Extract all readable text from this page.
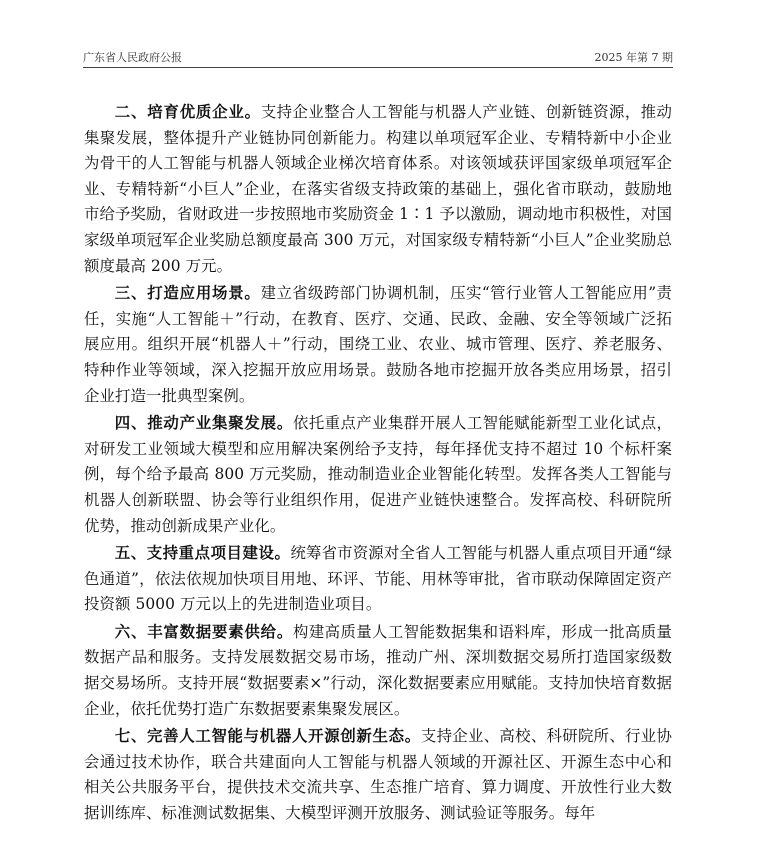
广东省人民政府公报	2025 年第 7 期

二、培育优质企业。支持企业整合人工智能与机器人产业链、创新链资源，推动集聚发展，整体提升产业链协同创新能力。构建以单项冠军企业、专精特新中小企业为骨干的人工智能与机器人领域企业梯次培育体系。对该领域获评国家级单项冠军企业、专精特新“小巨人”企业，在落实省级支持政策的基础上，强化省市联动，鼓励地市给予奖励，省财政进一步按照地市奖励资金 1∶1 予以激励，调动地市积极性，对国家级单项冠军企业奖励总额度最高 300 万元，对国家级专精特新“小巨人”企业奖励总额度最高 200 万元。

三、打造应用场景。建立省级跨部门协调机制，压实“管行业管人工智能应用”责任，实施“人工智能＋”行动，在教育、医疗、交通、民政、金融、安全等领域广泛拓展应用。组织开展“机器人＋”行动，围绕工业、农业、城市管理、医疗、养老服务、特种作业等领域，深入挖掘开放应用场景。鼓励各地市挖掘开放各类应用场景，招引企业打造一批典型案例。

四、推动产业集聚发展。依托重点产业集群开展人工智能赋能新型工业化试点，对研发工业领域大模型和应用解决案例给予支持，每年择优支持不超过 10 个标杆案例，每个给予最高 800 万元奖励，推动制造业企业智能化转型。发挥各类人工智能与机器人创新联盟、协会等行业组织作用，促进产业链快速整合。发挥高校、科研院所优势，推动创新成果产业化。

五、支持重点项目建设。统筹省市资源对全省人工智能与机器人重点项目开通“绿色通道”，依法依规加快项目用地、环评、节能、用林等审批，省市联动保障固定资产投资额 5000 万元以上的先进制造业项目。

六、丰富数据要素供给。构建高质量人工智能数据集和语料库，形成一批高质量数据产品和服务。支持发展数据交易市场，推动广州、深圳数据交易所打造国家级数据交易场所。支持开展“数据要素×”行动，深化数据要素应用赋能。支持加快培育数据企业，依托优势打造广东数据要素集聚发展区。

七、完善人工智能与机器人开源创新生态。支持企业、高校、科研院所、行业协会通过技术协作，联合共建面向人工智能与机器人领域的开源社区、开源生态中心和相关公共服务平台，提供技术交流共享、生态推广培育、算力调度、开放性行业大数据训练库、标准测试数据集、大模型评测开放服务、测试验证等服务。每年
